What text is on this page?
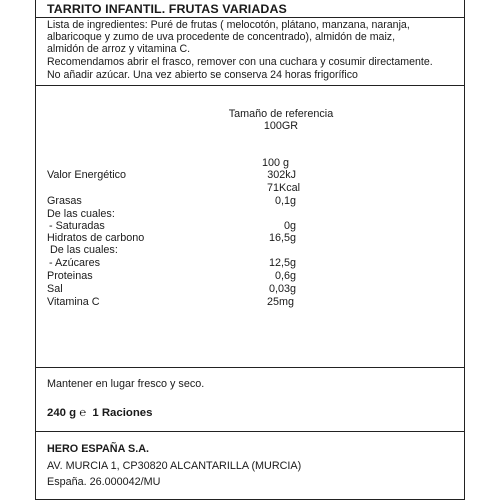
TARRITO INFANTIL. FRUTAS VARIADAS
Lista de ingredientes: Puré de frutas ( melocotón, plátano, manzana, naranja,
albaricoque y zumo de uva procedente de concentrado), almidón de maiz,
almidón de arroz y vitamina C.
Recomendamos abrir el frasco, remover con una cuchara y cosumir directamente.
No añadir azúcar. Una vez abierto se conserva 24 horas frigorífico
Tamaño de referencia
100GR
100 g
Valor Energético	302kJ
71Kcal
Grasas	0,1g
De las cuales:
- Saturadas	0g
Hidratos de carbono	16,5g
De las cuales:
- Azúcares	12,5g
Proteinas	0,6g
Sal	0,03g
Vitamina C	25mg
Mantener en lugar fresco y seco.
240 g ℮ 1 Raciones
HERO ESPAÑA S.A.
AV. MURCIA 1, CP30820 ALCANTARILLA (MURCIA)
España. 26.000042/MU
